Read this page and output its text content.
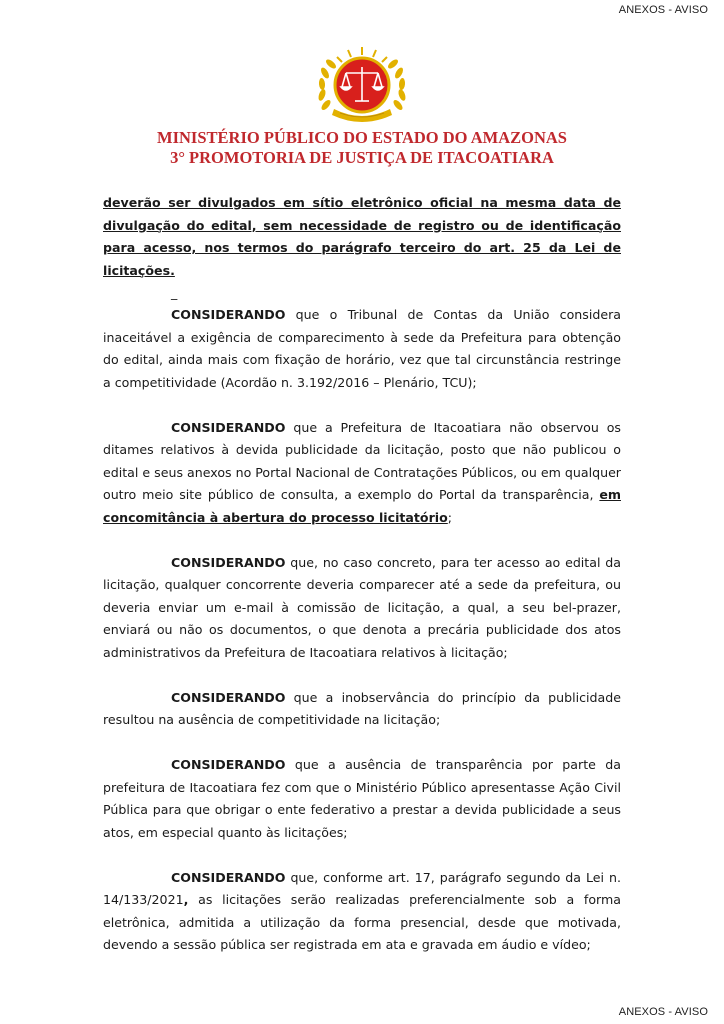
ANEXOS - AVISO
MINISTÉRIO PÚBLICO DO ESTADO DO AMAZONAS
3° PROMOTORIA DE JUSTIÇA DE ITACOATIARA

deverão ser divulgados em sítio eletrônico oficial na mesma data de divulgação do edital, sem necessidade de registro ou de identificação para acesso, nos termos do parágrafo terceiro do art. 25 da Lei de licitações.

_

CONSIDERANDO que o Tribunal de Contas da União considera inaceitável a exigência de comparecimento à sede da Prefeitura para obtenção do edital, ainda mais com fixação de horário, vez que tal circunstância restringe a competitividade (Acordão n. 3.192/2016 – Plenário, TCU);

CONSIDERANDO que a Prefeitura de Itacoatiara não observou os ditames relativos à devida publicidade da licitação, posto que não publicou o edital e seus anexos no Portal Nacional de Contratações Públicos, ou em qualquer outro meio site público de consulta, a exemplo do Portal da transparência, em concomitância à abertura do processo licitatório;

CONSIDERANDO que, no caso concreto, para ter acesso ao edital da licitação, qualquer concorrente deveria comparecer até a sede da prefeitura, ou deveria enviar um e-mail à comissão de licitação, a qual, a seu bel-prazer, enviará ou não os documentos, o que denota a precária publicidade dos atos administrativos da Prefeitura de Itacoatiara relativos à licitação;

CONSIDERANDO que a inobservância do princípio da publicidade resultou na ausência de competitividade na licitação;

CONSIDERANDO que a ausência de transparência por parte da prefeitura de Itacoatiara fez com que o Ministério Público apresentasse Ação Civil Pública para que obrigar o ente federativo a prestar a devida publicidade a seus atos, em especial quanto às licitações;

CONSIDERANDO que, conforme art. 17, parágrafo segundo da Lei n. 14/133/2021, as licitações serão realizadas preferencialmente sob a forma eletrônica, admitida a utilização da forma presencial, desde que motivada, devendo a sessão pública ser registrada em ata e gravada em áudio e vídeo;

ANEXOS - AVISO
